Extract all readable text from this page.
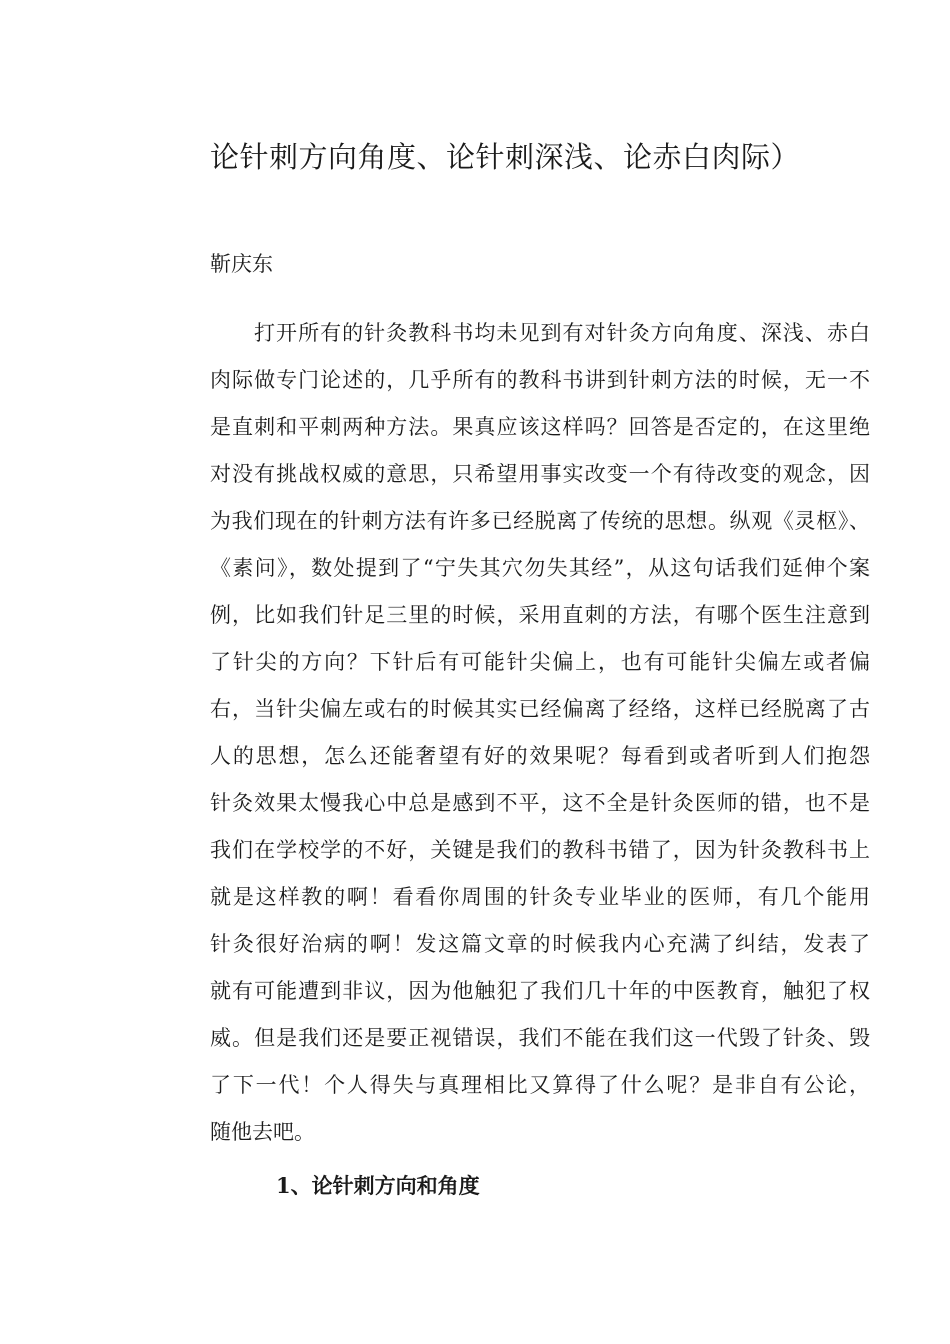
论针刺方向角度、论针刺深浅、论赤白肉际）

靳庆东

打开所有的针灸教科书均未见到有对针灸方向角度、深浅、赤白
肉际做专门论述的，几乎所有的教科书讲到针刺方法的时候，无一不
是直刺和平刺两种方法。果真应该这样吗？回答是否定的，在这里绝
对没有挑战权威的意思，只希望用事实改变一个有待改变的观念，因
为我们现在的针刺方法有许多已经脱离了传统的思想。纵观《灵枢》、
《素问》，数处提到了“宁失其穴勿失其经”，从这句话我们延伸个案
例，比如我们针足三里的时候，采用直刺的方法，有哪个医生注意到
了针尖的方向？下针后有可能针尖偏上，也有可能针尖偏左或者偏
右，当针尖偏左或右的时候其实已经偏离了经络，这样已经脱离了古
人的思想，怎么还能奢望有好的效果呢？每看到或者听到人们抱怨
针灸效果太慢我心中总是感到不平，这不全是针灸医师的错，也不是
我们在学校学的不好，关键是我们的教科书错了，因为针灸教科书上
就是这样教的啊！看看你周围的针灸专业毕业的医师，有几个能用
针灸很好治病的啊！发这篇文章的时候我内心充满了纠结，发表了
就有可能遭到非议，因为他触犯了我们几十年的中医教育，触犯了权
威。但是我们还是要正视错误，我们不能在我们这一代毁了针灸、毁
了下一代！个人得失与真理相比又算得了什么呢？是非自有公论，
随他去吧。
1、论针刺方向和角度
